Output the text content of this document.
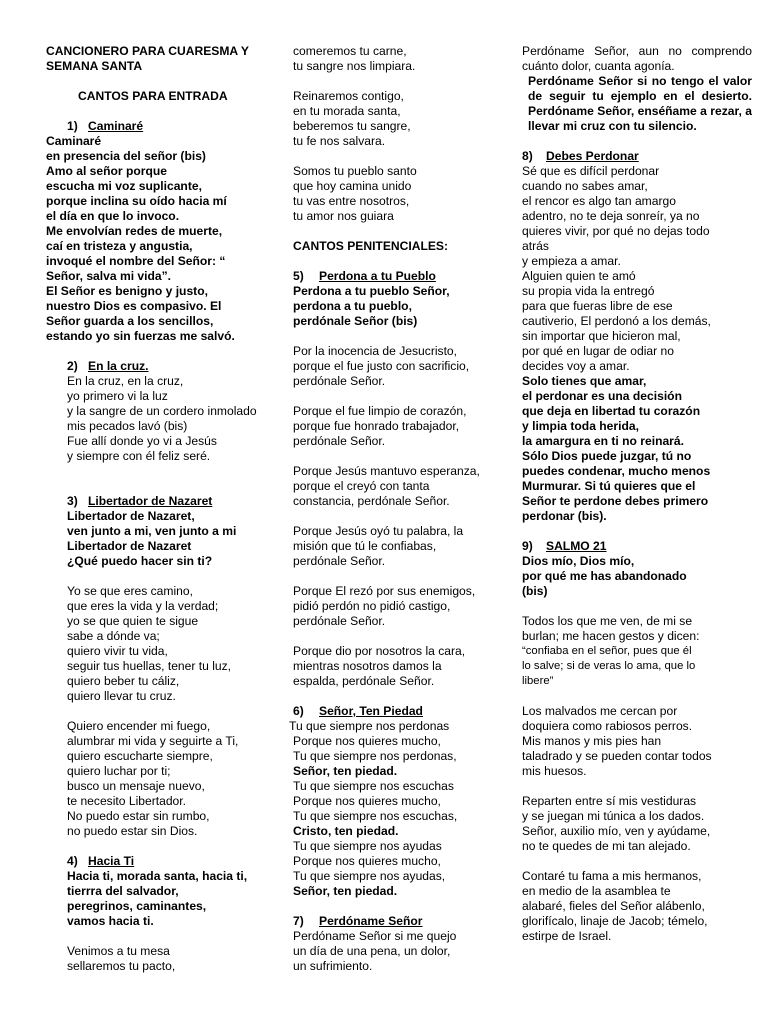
CANCIONERO PARA CUARESMA Y
SEMANA SANTA
CANTOS PARA ENTRADA
1) Caminaré
Caminaré
en presencia del señor (bis)
Amo al señor porque
escucha mi voz suplicante,
porque inclina su oído hacia mí
el día en que lo invoco.
Me envolvían redes de muerte,
caí en tristeza y angustia,
invoqué el nombre del Señor: “
Señor, salva mi vida”.
El Señor es benigno y justo,
nuestro Dios es compasivo. El
Señor guarda a los sencillos,
estando yo sin fuerzas me salvó.
2) En la cruz.
En la cruz, en la cruz,
yo primero vi la luz
y la sangre de un cordero inmolado
mis pecados lavó (bis)
Fue allí donde yo vi a Jesús
y siempre con él feliz seré.
3) Libertador de Nazaret
Libertador de Nazaret,
ven junto a mi, ven junto a mi
Libertador de Nazaret
¿Qué puedo hacer sin ti?
Yo se que eres camino,
que eres la vida y la verdad;
yo se que quien te sigue
sabe a dónde va;
quiero vivir tu vida,
seguir tus huellas, tener tu luz,
quiero beber tu cáliz,
quiero llevar tu cruz.
Quiero encender mi fuego,
alumbrar mi vida y seguirte a Ti,
quiero escucharte siempre,
quiero luchar por ti;
busco un mensaje nuevo,
te necesito Libertador.
No puedo estar sin rumbo,
no puedo estar sin Dios.
4) Hacia Ti
Hacia ti, morada santa, hacia ti,
tierrra del salvador,
peregrinos, caminantes,
vamos hacia ti.
Venimos a tu mesa
sellaremos tu pacto,
comeremos tu carne,
tu sangre nos limpiara.
Reinaremos contigo,
en tu morada santa,
beberemos tu sangre,
tu fe nos salvara.
Somos tu pueblo santo
que hoy camina unido
tu vas entre nosotros,
tu amor nos guiara
CANTOS PENITENCIALES:
5) Perdona a tu Pueblo
Perdona a tu pueblo Señor,
perdona a tu pueblo,
perdónale Señor (bis)
Por la inocencia de Jesucristo,
porque el fue justo con sacrificio,
perdónale Señor.
Porque el fue limpio de corazón,
porque fue honrado trabajador,
perdónale Señor.
Porque Jesús mantuvo esperanza,
porque el creyó con tanta
constancia, perdónale Señor.
Porque Jesús oyó tu palabra, la
misión que tú le confiabas,
perdónale Señor.
Porque El rezó por sus enemigos,
pidió perdón no pidió castigo,
perdónale Señor.
Porque dio por nosotros la cara,
mientras nosotros damos la
espalda, perdónale Señor.
6) Señor, Ten Piedad
Tu que siempre nos perdonas
Porque nos quieres mucho,
Tu que siempre nos perdonas,
Señor, ten piedad.
Tu que siempre nos escuchas
Porque nos quieres mucho,
Tu que siempre nos escuchas,
Cristo, ten piedad.
Tu que siempre nos ayudas
Porque nos quieres mucho,
Tu que siempre nos ayudas,
Señor, ten piedad.
7) Perdóname Señor
Perdóname Señor si me quejo
un día de una pena, un dolor,
un sufrimiento.
Perdóname Señor, aun no comprendo cuánto dolor, cuanta agonía.
Perdóname Señor si no tengo el valor de seguir tu ejemplo en el desierto. Perdóname Señor, enséñame a rezar, a llevar mi cruz con tu silencio.
8) Debes Perdonar
Sé que es difícil perdonar
cuando no sabes amar,
el rencor es algo tan amargo
adentro, no te deja sonreír, ya no
quieres vivir, por qué no dejas todo
atrás
y empieza a amar.
Alguien quien te amó
su propia vida la entregó
para que fueras libre de ese
cautiverio, El perdonó a los demás,
sin importar que hicieron mal,
por qué en lugar de odiar no
decides voy a amar.
Solo tienes que amar,
el perdonar es una decisión
que deja en libertad tu corazón
y limpia toda herida,
la amargura en ti no reinará.
Sólo Dios puede juzgar, tú no
puedes condenar, mucho menos
Murmurar. Si tú quieres que el
Señor te perdone debes primero
perdonar (bis).
9) SALMO 21
Dios mío, Dios mío,
por qué me has abandonado
(bis)
Todos los que me ven, de mi se
burlan; me hacen gestos y dicen:
“confiaba en el señor, pues que él
lo salve; si de veras lo ama, que lo
libere”
Los malvados me cercan por
doquiera como rabiosos perros.
Mis manos y mis pies han
taladrado y se pueden contar todos
mis huesos.
Reparten entre sí mis vestiduras
y se juegan mi túnica a los dados.
Señor, auxilio mío, ven y ayúdame,
no te quedes de mi tan alejado.
Contaré tu fama a mis hermanos,
en medio de la asamblea te
alabaré, fieles del Señor alábenlo,
glorifícalo, linaje de Jacob; témelo,
estirpe de Israel.
